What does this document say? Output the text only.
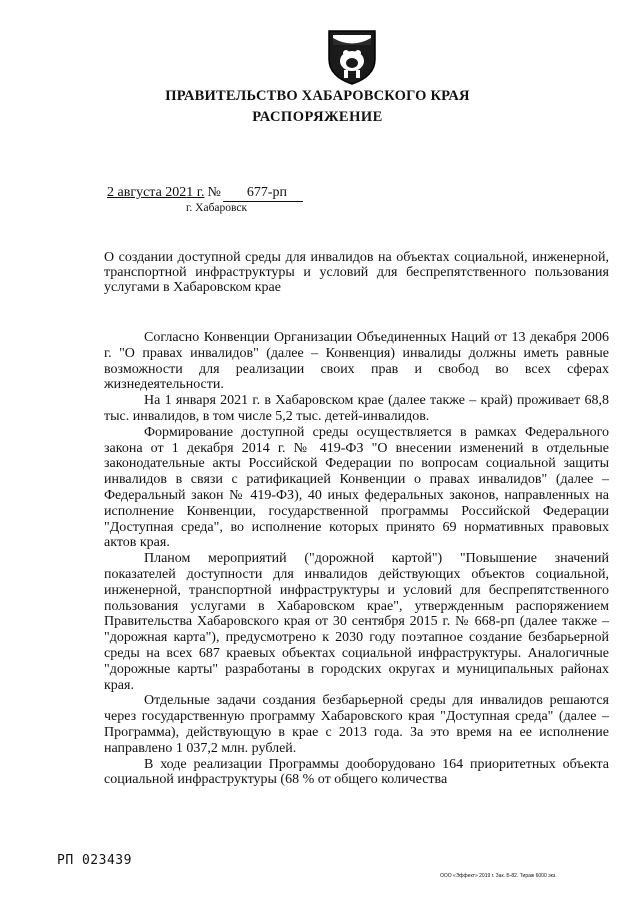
ПРАВИТЕЛЬСТВО ХАБАРОВСКОГО КРАЯ
РАСПОРЯЖЕНИЕ
2 августа 2021 г. № 677-рп
г. Хабаровск
О создании доступной среды для инвалидов на объектах социальной, инженерной, транспортной инфраструктуры и условий для беспрепятственного пользования услугами в Хабаровском крае

Согласно Конвенции Организации Объединенных Наций от 13 декабря 2006 г. "О правах инвалидов" (далее – Конвенция) инвалиды должны иметь равные возможности для реализации своих прав и свобод во всех сферах жизнедеятельности.

На 1 января 2021 г. в Хабаровском крае (далее также – край) проживает 68,8 тыс. инвалидов, в том числе 5,2 тыс. детей-инвалидов.

Формирование доступной среды осуществляется в рамках Федерального закона от 1 декабря 2014 г. № 419-ФЗ "О внесении изменений в отдельные законодательные акты Российской Федерации по вопросам социальной защиты инвалидов в связи с ратификацией Конвенции о правах инвалидов" (далее – Федеральный закон № 419-ФЗ), 40 иных федеральных законов, направленных на исполнение Конвенции, государственной программы Российской Федерации "Доступная среда", во исполнение которых принято 69 нормативных правовых актов края.

Планом мероприятий ("дорожной картой") "Повышение значений показателей доступности для инвалидов действующих объектов социальной, инженерной, транспортной инфраструктуры и условий для беспрепятственного пользования услугами в Хабаровском крае", утвержденным распоряжением Правительства Хабаровского края от 30 сентября 2015 г. № 668-рп (далее также – "дорожная карта"), предусмотрено к 2030 году поэтапное создание безбарьерной среды на всех 687 краевых объектах социальной инфраструктуры. Аналогичные "дорожные карты" разработаны в городских округах и муниципальных районах края.

Отдельные задачи создания безбарьерной среды для инвалидов решаются через государственную программу Хабаровского края "Доступная среда" (далее – Программа), действующую в крае с 2013 года. За это время на ее исполнение направлено 1 037,2 млн. рублей.

В ходе реализации Программы дооборудовано 164 приоритетных объекта социальной инфраструктуры (68 % от общего количества

РП 023439
ООО «Эффект» 2019 г. Зак. Б-82. Тираж 6000 экз.
